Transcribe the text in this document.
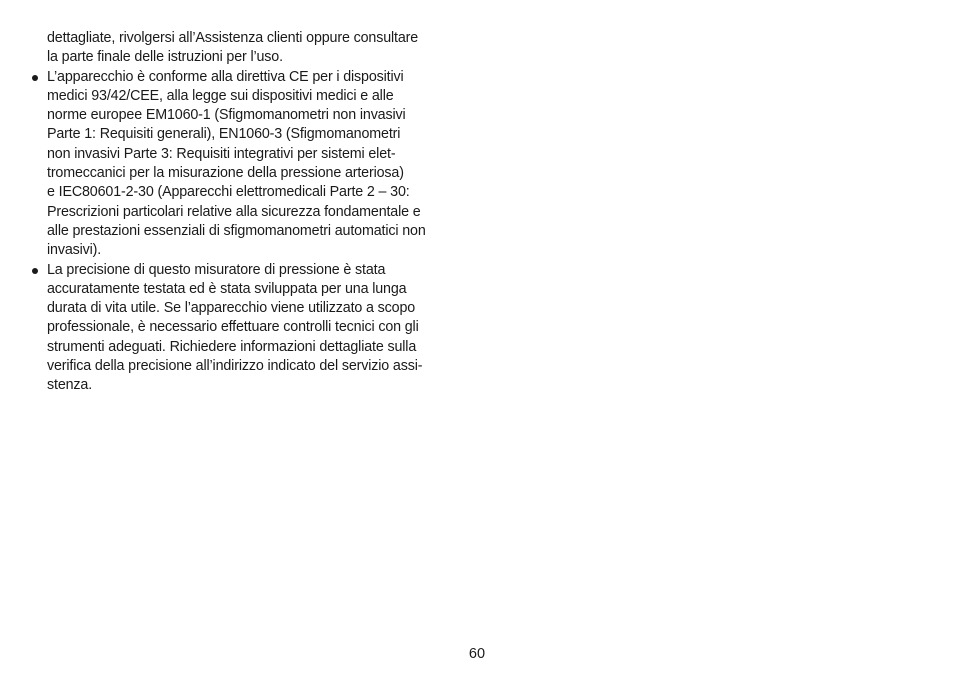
dettagliate, rivolgersi all’Assistenza clienti oppure consultare
la parte finale delle istruzioni per l’uso.
L’apparecchio è conforme alla direttiva CE per i dispositivi
medici 93/42/CEE, alla legge sui dispositivi medici e alle
norme europee EM1060-1 (Sfigmomanometri non invasivi
Parte 1: Requisiti generali), EN1060-3 (Sfigmomanometri
non invasivi Parte 3: Requisiti integrativi per sistemi elet-
tromeccanici per la misurazione della pressione arteriosa)
e IEC80601-2-30 (Apparecchi elettromedicali Parte 2 – 30:
Prescrizioni particolari relative alla sicurezza fondamentale e
alle prestazioni essenziali di sfigmomanometri automatici non
invasivi).
La precisione di questo misuratore di pressione è stata
accuratamente testata ed è stata sviluppata per una lunga
durata di vita utile. Se l’apparecchio viene utilizzato a scopo
professionale, è necessario effettuare controlli tecnici con gli
strumenti adeguati. Richiedere informazioni dettagliate sulla
verifica della precisione all’indirizzo indicato del servizio assi-
stenza.
60
